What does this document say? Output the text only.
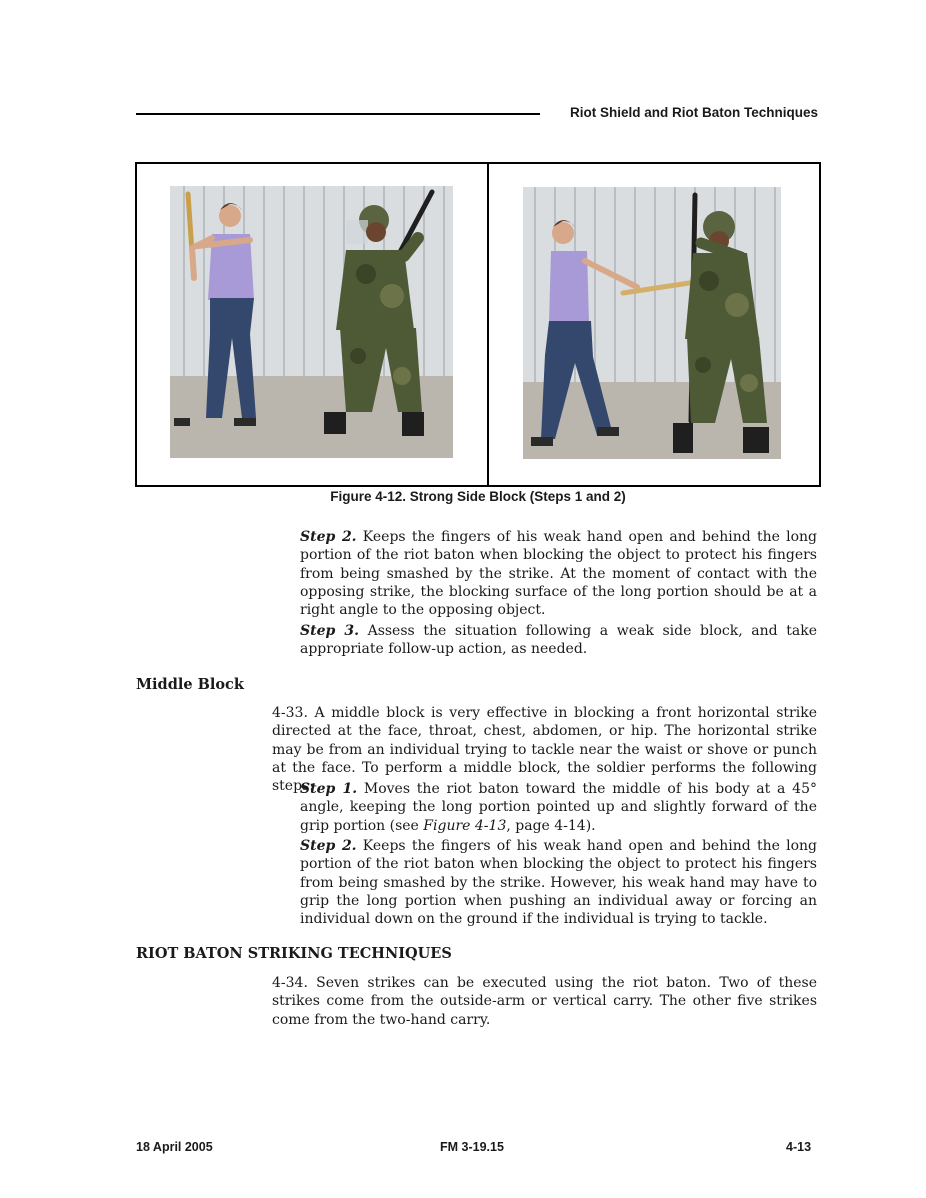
Riot Shield and Riot Baton Techniques
Figure 4-12. Strong Side Block (Steps 1 and 2)

Step 2. Keeps the fingers of his weak hand open and behind the long portion of the riot baton when blocking the object to protect his fingers from being smashed by the strike. At the moment of contact with the opposing strike, the blocking surface of the long portion should be at a right angle to the opposing object.

Step 3. Assess the situation following a weak side block, and take appropriate follow-up action, as needed.

Middle Block

4-33. A middle block is very effective in blocking a front horizontal strike directed at the face, throat, chest, abdomen, or hip. The horizontal strike may be from an individual trying to tackle near the waist or shove or punch at the face. To perform a middle block, the soldier performs the following steps:

Step 1. Moves the riot baton toward the middle of his body at a 45° angle, keeping the long portion pointed up and slightly forward of the grip portion (see Figure 4-13, page 4-14).

Step 2. Keeps the fingers of his weak hand open and behind the long portion of the riot baton when blocking the object to protect his fingers from being smashed by the strike. However, his weak hand may have to grip the long portion when pushing an individual away or forcing an individual down on the ground if the individual is trying to tackle.

RIOT BATON STRIKING TECHNIQUES

4-34. Seven strikes can be executed using the riot baton. Two of these strikes come from the outside-arm or vertical carry. The other five strikes come from the two-hand carry.

18 April 2005	FM 3-19.15	4-13
